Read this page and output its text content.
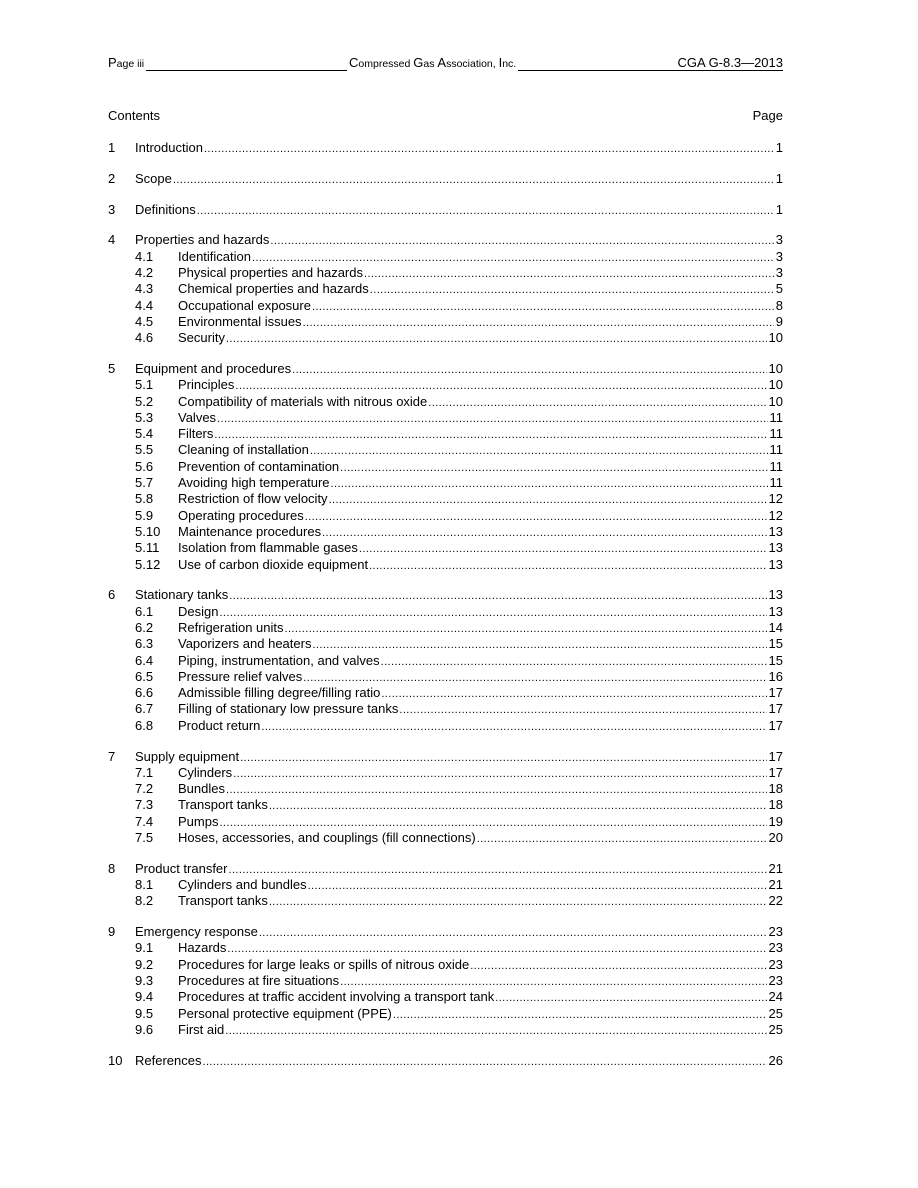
Page iii	Compressed Gas Association, Inc.	CGA G-8.3—2013
Contents	Page
1	Introduction .....	1
2	Scope .....	1
3	Definitions .....	1
4	Properties and hazards .....	3
4.1	Identification .....	3
4.2	Physical properties and hazards .....	3
4.3	Chemical properties and hazards .....	5
4.4	Occupational exposure .....	8
4.5	Environmental issues .....	9
4.6	Security .....	10
5	Equipment and procedures .....	10
5.1	Principles .....	10
5.2	Compatibility of materials with nitrous oxide .....	10
5.3	Valves .....	11
5.4	Filters .....	11
5.5	Cleaning of installation .....	11
5.6	Prevention of contamination .....	11
5.7	Avoiding high temperature .....	11
5.8	Restriction of flow velocity .....	12
5.9	Operating procedures .....	12
5.10	Maintenance procedures .....	13
5.11	Isolation from flammable gases .....	13
5.12	Use of carbon dioxide equipment .....	13
6	Stationary tanks .....	13
6.1	Design .....	13
6.2	Refrigeration units .....	14
6.3	Vaporizers and heaters .....	15
6.4	Piping, instrumentation, and valves .....	15
6.5	Pressure relief valves .....	16
6.6	Admissible filling degree/filling ratio .....	17
6.7	Filling of stationary low pressure tanks .....	17
6.8	Product return .....	17
7	Supply equipment .....	17
7.1	Cylinders .....	17
7.2	Bundles .....	18
7.3	Transport tanks .....	18
7.4	Pumps .....	19
7.5	Hoses, accessories, and couplings (fill connections) .....	20
8	Product transfer .....	21
8.1	Cylinders and bundles .....	21
8.2	Transport tanks .....	22
9	Emergency response .....	23
9.1	Hazards .....	23
9.2	Procedures for large leaks or spills of nitrous oxide .....	23
9.3	Procedures at fire situations .....	23
9.4	Procedures at traffic accident involving a transport tank .....	24
9.5	Personal protective equipment (PPE) .....	25
9.6	First aid .....	25
10 References .....	26
